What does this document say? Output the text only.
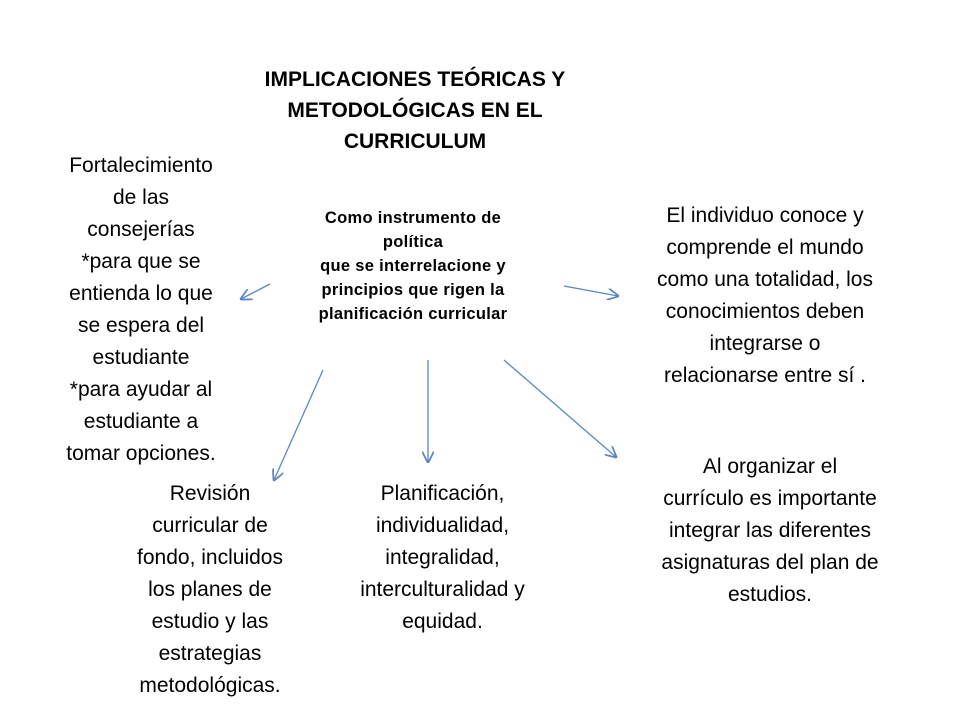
IMPLICACIONES TEÓRICAS Y
METODOLÓGICAS EN EL
CURRICULUM
Como instrumento de
política
que se interrelacione y
principios que rigen la
planificación curricular
Fortalecimiento
de las
consejerías
*para que se
entienda lo que
se espera del
estudiante
*para ayudar al
estudiante a
tomar opciones.
El individuo conoce y
comprende el mundo
como una totalidad, los
conocimientos deben
integrarse o
relacionarse entre sí .
Al organizar el
currículo es importante
integrar las diferentes
asignaturas del plan de
estudios.
Revisión
curricular de
fondo, incluidos
los planes de
estudio y las
estrategias
metodológicas.
Planificación,
individualidad,
integralidad,
interculturalidad y
equidad.
